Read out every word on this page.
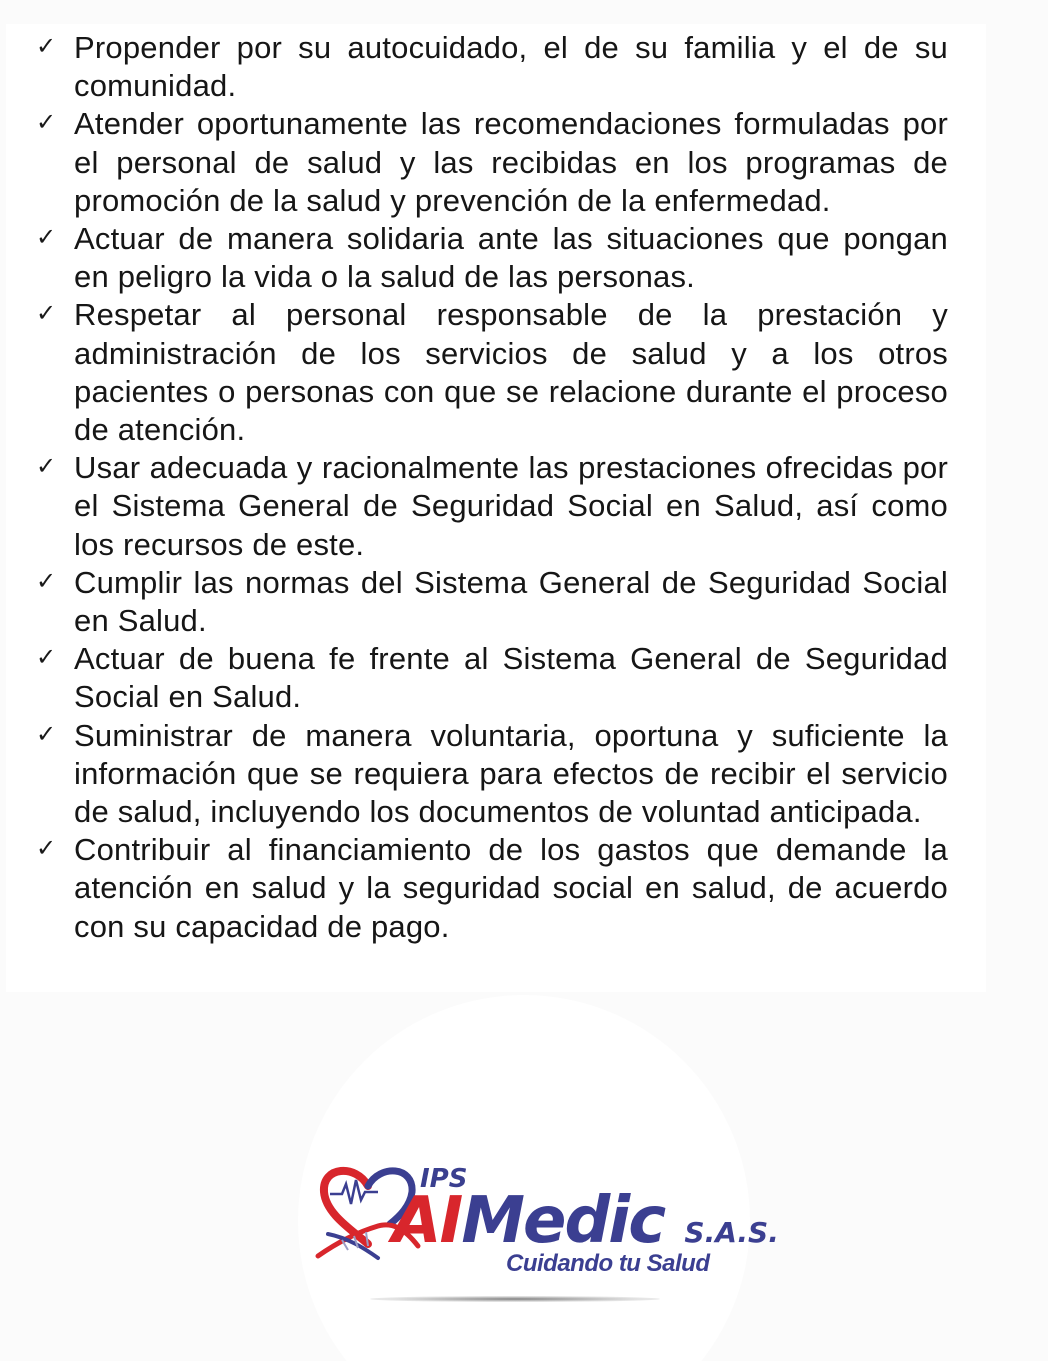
✓ Propender por su autocuidado, el de su familia y el de su comunidad.
✓ Atender oportunamente las recomendaciones formuladas por el personal de salud y las recibidas en los programas de promoción de la salud y prevención de la enfermedad.
✓ Actuar de manera solidaria ante las situaciones que pongan en peligro la vida o la salud de las personas.
✓ Respetar al personal responsable de la prestación y administración de los servicios de salud y a los otros pacientes o personas con que se relacione durante el proceso de atención.
✓ Usar adecuada y racionalmente las prestaciones ofrecidas por el Sistema General de Seguridad Social en Salud, así como los recursos de este.
✓ Cumplir las normas del Sistema General de Seguridad Social en Salud.
✓ Actuar de buena fe frente al Sistema General de Seguridad Social en Salud.
✓ Suministrar de manera voluntaria, oportuna y suficiente la información que se requiera para efectos de recibir el servicio de salud, incluyendo los documentos de voluntad anticipada.
✓ Contribuir al financiamiento de los gastos que demande la atención en salud y la seguridad social en salud, de acuerdo con su capacidad de pago.
IPS
AIMedic S.A.S.
Cuidando tu Salud
